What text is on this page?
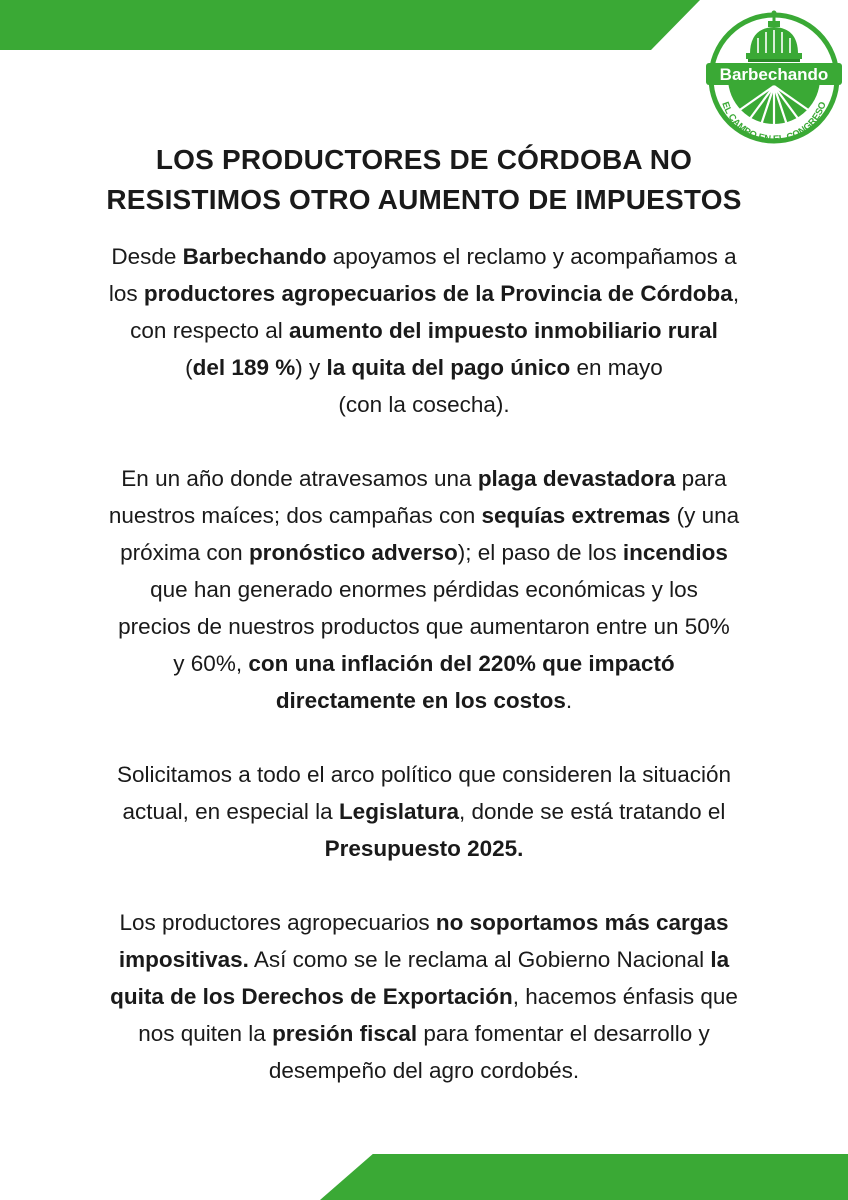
Barbechando
EL CAMPO EN EL CONGRESO
LOS PRODUCTORES DE CÓRDOBA NO
RESISTIMOS OTRO AUMENTO DE IMPUESTOS

Desde Barbechando apoyamos el reclamo y acompañamos a
los productores agropecuarios de la Provincia de Córdoba,
con respecto al aumento del impuesto inmobiliario rural
(del 189 %) y la quita del pago único en mayo
(con la cosecha).

En un año donde atravesamos una plaga devastadora para
nuestros maíces; dos campañas con sequías extremas (y una
próxima con pronóstico adverso); el paso de los incendios
que han generado enormes pérdidas económicas y los
precios de nuestros productos que aumentaron entre un 50%
y 60%, con una inflación del 220% que impactó
directamente en los costos.

Solicitamos a todo el arco político que consideren la situación
actual, en especial la Legislatura, donde se está tratando el
Presupuesto 2025.

Los productores agropecuarios no soportamos más cargas
impositivas. Así como se le reclama al Gobierno Nacional la
quita de los Derechos de Exportación, hacemos énfasis que
nos quiten la presión fiscal para fomentar el desarrollo y
desempeño del agro cordobés.
